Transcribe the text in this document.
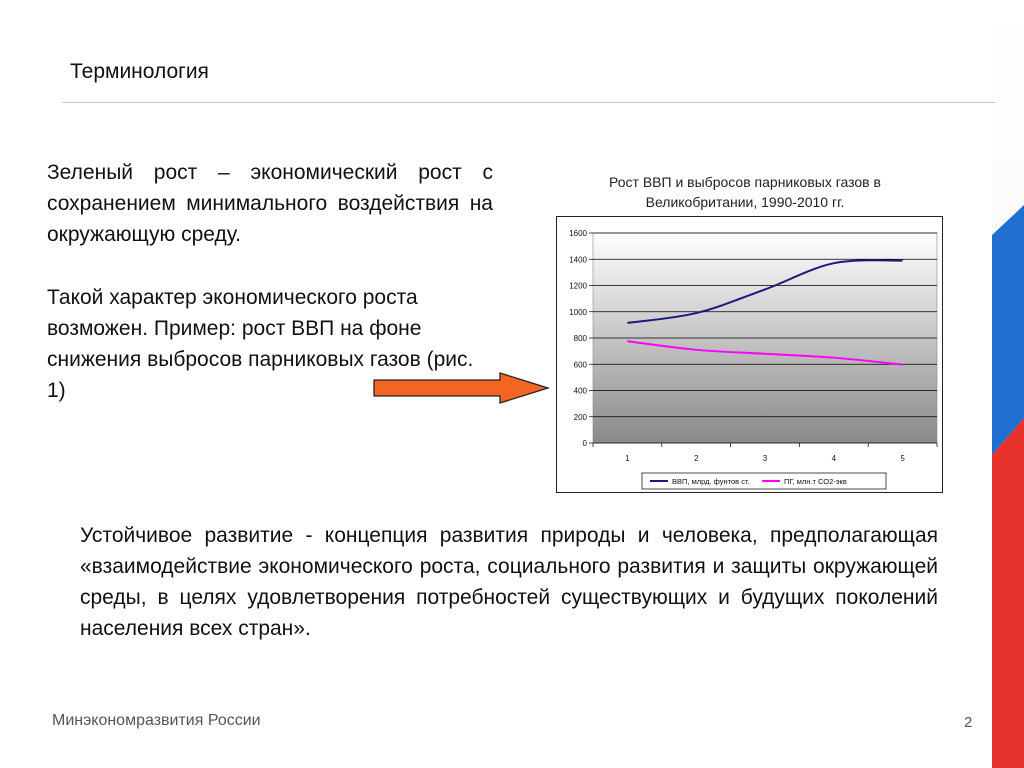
Терминология
Зеленый рост – экономический рост с сохранением минимального воздействия на окружающую среду.
Такой характер экономического роста возможен. Пример: рост ВВП на фоне снижения выбросов парниковых газов (рис. 1)
Рост ВВП и выбросов парниковых газов в Великобритании, 1990-2010 гг.
0
200
400
600
800
1000
1200
1400
1600
1	2	3	4	5
ВВП, млрд. фунтов ст.	ПГ, млн.т СО2-экв
Устойчивое развитие - концепция развития природы и человека, предполагающая «взаимодействие экономического роста, социального развития и защиты окружающей среды, в целях удовлетворения потребностей существующих и будущих поколений населения всех стран».
Минэкономразвития России	2
